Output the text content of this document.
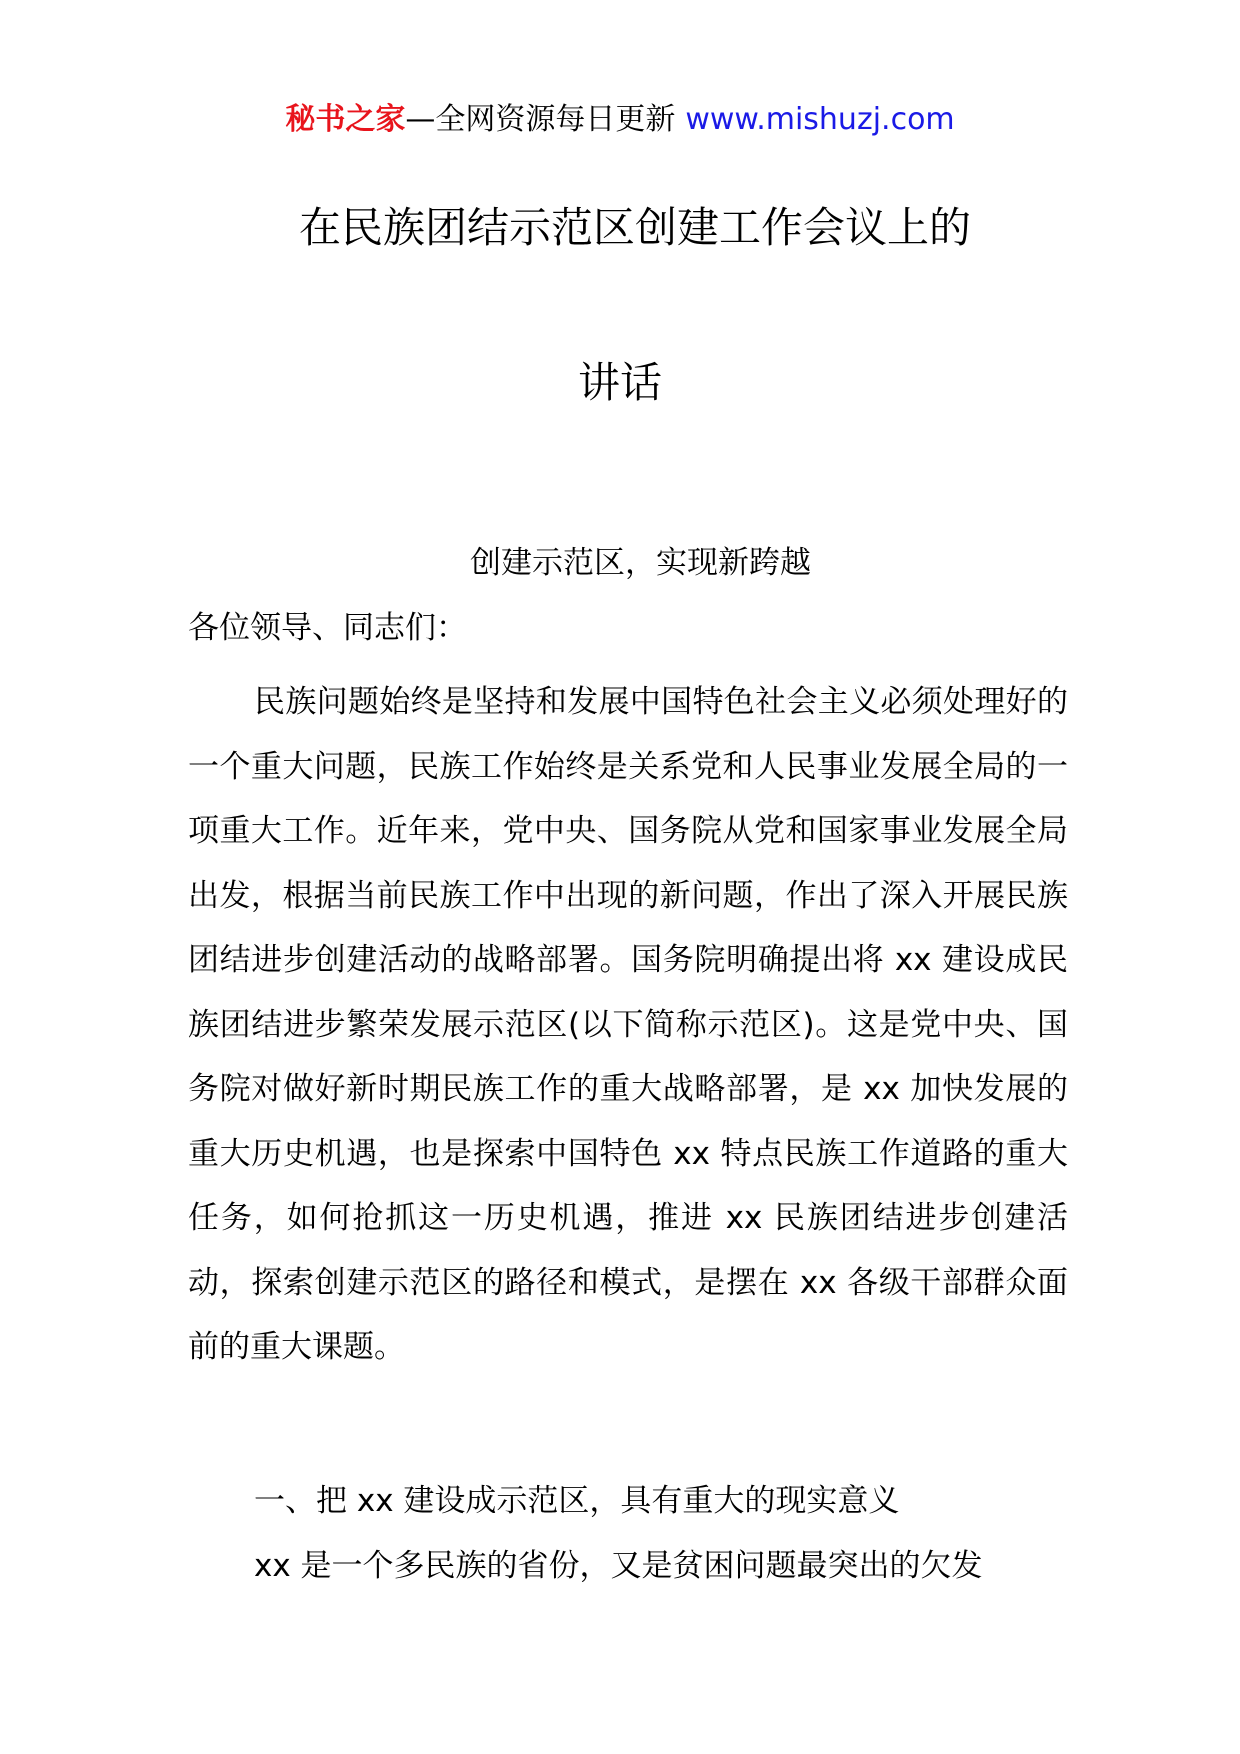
秘书之家—全网资源每日更新 www.mishuzj.com
在民族团结示范区创建工作会议上的
讲话
创建示范区，实现新跨越
各位领导、同志们：

民族问题始终是坚持和发展中国特色社会主义必须处理好的一个重大问题，民族工作始终是关系党和人民事业发展全局的一项重大工作。近年来，党中央、国务院从党和国家事业发展全局出发，根据当前民族工作中出现的新问题，作出了深入开展民族团结进步创建活动的战略部署。国务院明确提出将 xx 建设成民族团结进步繁荣发展示范区(以下简称示范区)。这是党中央、国务院对做好新时期民族工作的重大战略部署，是 xx 加快发展的重大历史机遇，也是探索中国特色 xx 特点民族工作道路的重大任务，如何抢抓这一历史机遇，推进 xx 民族团结进步创建活动，探索创建示范区的路径和模式，是摆在 xx 各级干部群众面前的重大课题。

一、把 xx 建设成示范区，具有重大的现实意义

xx 是一个多民族的省份，又是贫困问题最突出的欠发
